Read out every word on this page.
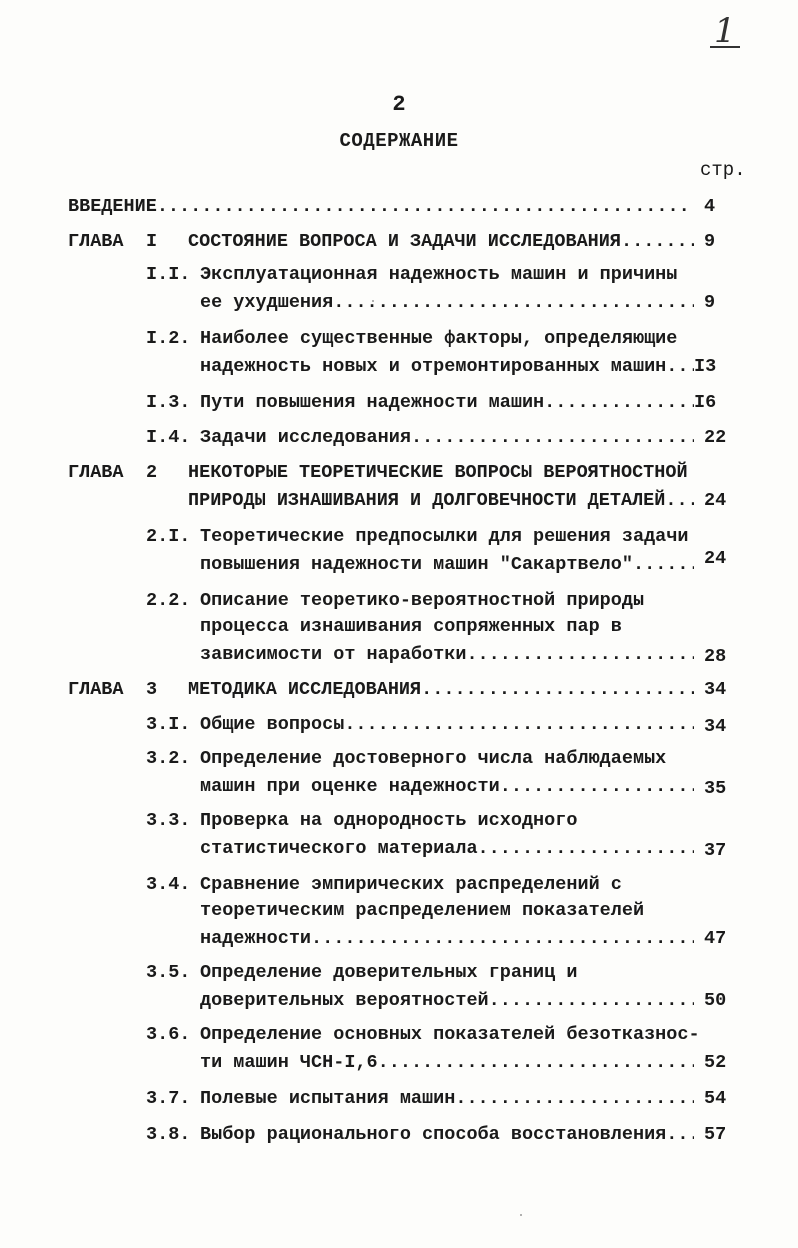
1
2
СОДЕРЖАНИЕ
стр.
ВВЕДЕНИЕ .....	4
ГЛАВА I СОСТОЯНИЕ ВОПРОСА И ЗАДАЧИ ИССЛЕДОВАНИЯ .....	9
I.I. Эксплуатационная надежность машин и причины
ее ухудшения .....	9
I.2. Наиболее существенные факторы, определяющие
надежность новых и отремонтированных машин ..... I3
I.3. Пути повышения надежности машин .....	I6
I.4. Задачи исследования .....	22
ГЛАВА 2 НЕКОТОРЫЕ ТЕОРЕТИЧЕСКИЕ ВОПРОСЫ ВЕРОЯТНОСТНОЙ
ПРИРОДЫ ИЗНАШИВАНИЯ И ДОЛГОВЕЧНОСТИ ДЕТАЛЕЙ ..... 24
2.I. Теоретические предпосылки для решения задачи
повышения надежности машин "Сакартвело" .....	24
2.2. Описание теоретико-вероятностной природы
процесса изнашивания сопряженных пар в
зависимости от наработки .....	28
ГЛАВА 3 МЕТОДИКА ИССЛЕДОВАНИЯ .....	34
3.I. Общие вопросы .....	34
3.2. Определение достоверного числа наблюдаемых
машин при оценке надежности .....	35
3.3. Проверка на однородность исходного
статистического материала .....	37
3.4. Сравнение эмпирических распределений с
теоретическим распределением показателей
надежности .....	47
3.5. Определение доверительных границ и
доверительных вероятностей .....	50
3.6. Определение основных показателей безотказнос-
ти машин ЧСН-I,6 .....	52
3.7. Полевые испытания машин .....	54
3.8. Выбор рационального способа восстановления ..... 57
